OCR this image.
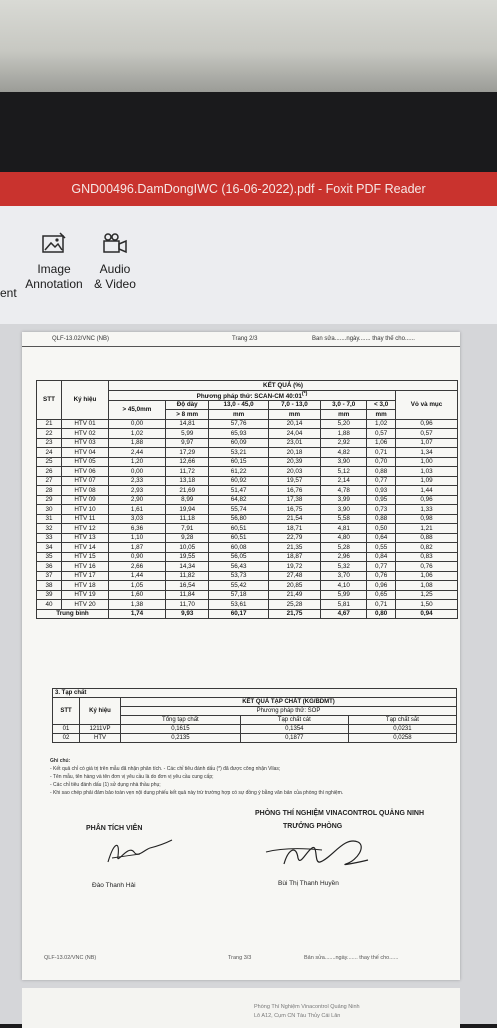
GND00496.DamDongIWC (16-06-2022).pdf - Foxit PDF Reader
ent
Image
Annotation
Audio
& Video
QLF-13.02/VNC (NB)	Trang 2/3	Ban sửa.......ngày....... thay thế cho......
STT	Ký hiệu	KẾT QUẢ (%)						
		Phương pháp thử: SCAN-CM 40:01(*)						Vỏ và mục
		> 45,0mm	Độ dày	13,0 - 45,0	7,0 - 13,0	3,0 - 7,0	< 3,0	
			> 8 mm	mm	mm	mm	mm	
21	HTV 01	0,00	14,81	57,76	20,14	5,20	1,02	0,96
22	HTV 02	1,02	5,99	65,93	24,04	1,88	0,57	0,57
23	HTV 03	1,88	9,97	60,09	23,01	2,92	1,06	1,07
24	HTV 04	2,44	17,29	53,21	20,18	4,82	0,71	1,34
25	HTV 05	1,20	12,66	60,15	20,39	3,90	0,70	1,00
26	HTV 06	0,00	11,72	61,22	20,03	5,12	0,88	1,03
27	HTV 07	2,33	13,18	60,92	19,57	2,14	0,77	1,09
28	HTV 08	2,93	21,69	51,47	16,76	4,78	0,93	1,44
29	HTV 09	2,90	8,99	64,82	17,38	3,99	0,95	0,96
30	HTV 10	1,61	19,94	55,74	16,75	3,90	0,73	1,33
31	HTV 11	3,03	11,18	56,80	21,54	5,58	0,88	0,98
32	HTV 12	6,36	7,91	60,51	18,71	4,81	0,50	1,21
33	HTV 13	1,10	9,28	60,51	22,79	4,80	0,64	0,88
34	HTV 14	1,87	10,05	60,08	21,35	5,28	0,55	0,82
35	HTV 15	0,90	19,55	56,05	18,87	2,96	0,84	0,83
36	HTV 16	2,66	14,34	56,43	19,72	5,32	0,77	0,76
37	HTV 17	1,44	11,82	53,73	27,48	3,70	0,76	1,06
38	HTV 18	1,05	16,54	55,42	20,85	4,10	0,96	1,08
39	HTV 19	1,60	11,84	57,18	21,49	5,99	0,65	1,25
40	HTV 20	1,38	11,70	53,61	25,28	5,81	0,71	1,50
Trung bình		1,74	9,93	60,17	21,75	4,67	0,80	0,94
3. Tạp chất				
STT	Ký hiệu	KẾT QUẢ TẠP CHẤT (KG/BDMT)		
		Phương pháp thử: SOP		
		Tổng tạp chất	Tạp chất cát	Tạp chất sắt
01	1211VP	0,1615	0,1354	0,0231
02	HTV	0,2135	0,1877	0,0258
Ghi chú:
- Kết quả chỉ có giá trị trên mẫu đã nhận phân tích. - Các chỉ tiêu đánh dấu (*) đã được công nhận Vilas;
- Tên mẫu, tên hàng và tên đơn vị yêu cầu là do đơn vị yêu cầu cung cấp;
- Các chỉ tiêu đánh dấu (1) sử dụng nhà thầu phụ;
- Khi sao chép phải đảm bảo toàn vẹn nội dung phiếu kết quả này trừ trường hợp có sự đồng ý bằng văn bản của phòng thí nghiệm.
PHÒNG THÍ NGHIỆM VINACONTROL QUẢNG NINH
PHÂN TÍCH VIÊN	TRƯỞNG PHÒNG
Đào Thanh Hải	Bùi Thị Thanh Huyền
QLF-13.02/VNC (NB)	Trang 3/3	Bản sửa.......ngày....... thay thế cho......
Phòng Thí Nghiệm Vinacontrol Quảng Ninh
Lô A12, Cụm CN Tàu Thủy Cái Lân
